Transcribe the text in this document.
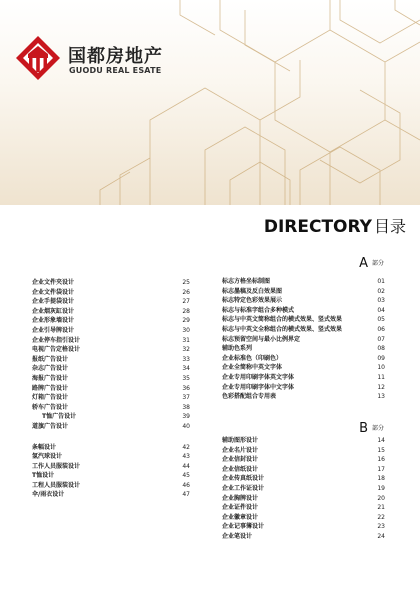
国都房地产
GUODU REAL ESATE
DIRECTORY 目录
A $^{部分}$
B $^{部分}$
企业文件夹设计	25
企业文件袋设计	26
企业手提袋设计	27
企业烟灰缸设计	28
企业形象墙设计	29
企业引导牌设计	30
企业停车指引设计	31
电视广告定格设计	32
报纸广告设计	33
杂志广告设计	34
海报广告设计	35
路牌广告设计	36
灯箱广告设计	37
轿车广告设计	38
T恤广告设计	39
道旗广告设计	40
条幅设计	42
氢汽球设计	43
工作人员服装设计	44
T恤设计	45
工程人员服装设计	46
伞/雨衣设计	47
标志方格坐标制图	01
标志墨稿及反白效果图	02
标志特定色彩效果展示	03
标志与标准字组合多种模式	04
标志与中英文简称组合的横式效果、竖式效果	05
标志与中英文全称组合的横式效果、竖式效果	06
标志预留空间与最小比例界定	07
辅助色系列	08
企业标准色（印刷色）	09
企业全简称中英文字体	10
企业专用印刷字体英文字体	11
企业专用印刷字体中文字体	12
色彩搭配组合专用表	13
辅助图形设计	14
企业名片设计	15
企业信封设计	16
企业信纸设计	17
企业传真纸设计	18
企业工作证设计	19
企业胸牌设计	20
企业证件设计	21
企业徽章设计	22
企业记事簿设计	23
企业笔设计	24
